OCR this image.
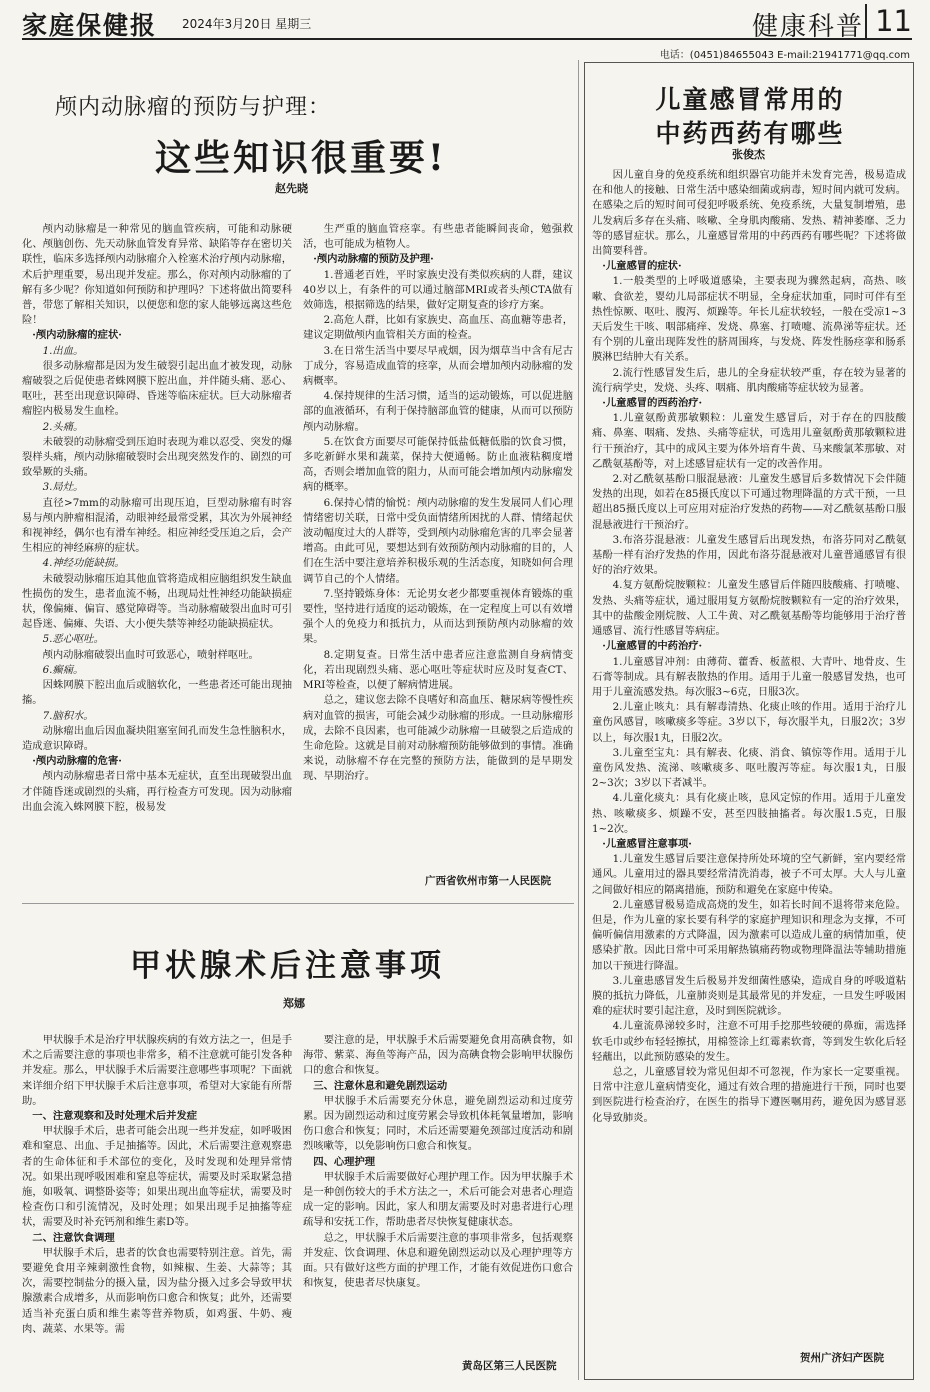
家庭保健报 2024年3月20日 星期三	健康科普 11
电话：(0451)84655043 E-mail:21941771@qq.com
颅内动脉瘤的预防与护理：
这些知识很重要!
赵先晓

颅内动脉瘤是一种常见的脑血管疾病，可能和动脉硬化、颅脑创伤、先天动脉血管发育异常、缺陷等存在密切关联性，临床多选择颅内动脉瘤介入栓塞术治疗颅内动脉瘤，术后护理重要，易出现并发症。那么，你对颅内动脉瘤的了解有多少呢？你知道如何预防和护理吗？下述将做出简要科普，带您了解相关知识，以便您和您的家人能够远离这些危险！

·颅内动脉瘤的症状·

1.出血。

很多动脉瘤都是因为发生破裂引起出血才被发现，动脉瘤破裂之后促使患者蛛网膜下腔出血，并伴随头痛、恶心、呕吐，甚至出现意识障碍、昏迷等临床症状。巨大动脉瘤者瘤腔内极易发生血栓。

2.头痛。

未破裂的动脉瘤受到压迫时表现为难以忍受、突发的爆裂样头痛，颅内动脉瘤破裂时会出现突然发作的、剧烈的可致晕厥的头痛。

3.局灶。

直径>7mm的动脉瘤可出现压迫，巨型动脉瘤有时容易与颅内肿瘤相混淆，动眼神经最常受累，其次为外展神经和视神经，偶尔也有滑车神经。相应神经受压迫之后，会产生相应的神经麻痹的症状。

4.神经功能缺损。

未破裂动脉瘤压迫其他血管将造成相应脑组织发生缺血性损伤的发生，患者血流不畅，出现局灶性神经功能缺损症状，像偏瘫、偏盲、感觉障碍等。当动脉瘤破裂出血时可引起昏迷、偏瘫、失语、大小便失禁等神经功能缺损症状。

5.恶心呕吐。

颅内动脉瘤破裂出血时可致恶心，喷射样呕吐。

6.癫痫。

因蛛网膜下腔出血后或脑软化，一些患者还可能出现抽搐。

7.脑积水。

动脉瘤出血后因血凝块阻塞室间孔而发生急性脑积水，造成意识障碍。

·颅内动脉瘤的危害·

颅内动脉瘤患者日常中基本无症状，直至出现破裂出血才伴随昏迷或剧烈的头痛，再行检查方可发现。因为动脉瘤出血会流入蛛网膜下腔，极易发

生严重的脑血管痉挛。有些患者能瞬间丧命，勉强救活，也可能成为植物人。

·颅内动脉瘤的预防及护理·

1.普通老百姓，平时家族史没有类似疾病的人群，建议40岁以上，有条件的可以通过脑部MRI或者头颅CTA做有效筛选，根据筛选的结果，做好定期复查的诊疗方案。

2.高危人群，比如有家族史、高血压、高血糖等患者，建议定期做颅内血管相关方面的检查。

3.在日常生活当中要尽早戒烟，因为烟草当中含有尼古丁成分，容易造成血管的痉挛，从而会增加颅内动脉瘤的发病概率。

4.保持规律的生活习惯，适当的运动锻炼，可以促进脑部的血液循环，有利于保持脑部血管的健康，从而可以预防颅内动脉瘤。

5.在饮食方面要尽可能保持低盐低糖低脂的饮食习惯，多吃新鲜水果和蔬菜，保持大便通畅。防止血液粘稠度增高，否则会增加血管的阻力，从而可能会增加颅内动脉瘤发病的概率。

6.保持心情的愉悦：颅内动脉瘤的发生发展同人们心理情绪密切关联，日常中受负面情绪所困扰的人群、情绪起伏波动幅度过大的人群等，受到颅内动脉瘤危害的几率会显著增高。由此可见，要想达到有效预防颅内动脉瘤的目的，人们在生活中要注意培养积极乐观的生活态度，知晓如何合理调节自己的个人情绪。

7.坚持锻炼身体：无论男女老少都要重视体育锻炼的重要性，坚持进行适度的运动锻炼，在一定程度上可以有效增强个人的免疫力和抵抗力，从而达到预防颅内动脉瘤的效果。

8.定期复查。日常生活中患者应注意监测自身病情变化，若出现剧烈头痛、恶心呕吐等症状时应及时复查CT、MRI等检查，以便了解病情进展。

总之，建议您去除不良嗜好和高血压、糖尿病等慢性疾病对血管的损害，可能会减少动脉瘤的形成。一旦动脉瘤形成，去除不良因素，也可能减少动脉瘤一旦破裂之后造成的生命危险。这就是目前对动脉瘤预防能够做到的事情。准确来说，动脉瘤不存在完整的预防方法，能做到的是早期发现、早期治疗。

广西省钦州市第一人民医院
甲状腺术后注意事项
郑娜

甲状腺手术是治疗甲状腺疾病的有效方法之一，但是手术之后需要注意的事项也非常多，稍不注意就可能引发各种并发症。那么，甲状腺手术后需要注意哪些事项呢？下面就来详细介绍下甲状腺手术后注意事项，希望对大家能有所帮助。

一、注意观察和及时处理术后并发症

甲状腺手术后，患者可能会出现一些并发症，如呼吸困难和窒息、出血、手足抽搐等。因此，术后需要注意观察患者的生命体征和手术部位的变化，及时发现和处理异常情况。如果出现呼吸困难和窒息等症状，需要及时采取紧急措施，如吸氧、调整卧姿等；如果出现出血等症状，需要及时检查伤口和引流情况，及时处理；如果出现手足抽搐等症状，需要及时补充钙剂和维生素D等。

二、注意饮食调理

甲状腺手术后，患者的饮食也需要特别注意。首先，需要避免食用辛辣刺激性食物，如辣椒、生姜、大蒜等；其次，需要控制盐分的摄入量，因为盐分摄入过多会导致甲状腺激素合成增多，从而影响伤口愈合和恢复；此外，还需要适当补充蛋白质和维生素等营养物质，如鸡蛋、牛奶、瘦肉、蔬菜、水果等。需

要注意的是，甲状腺手术后需要避免食用高碘食物，如海带、紫菜、海鱼等海产品，因为高碘食物会影响甲状腺伤口的愈合和恢复。

三、注意休息和避免剧烈运动

甲状腺手术后需要充分休息，避免剧烈运动和过度劳累。因为剧烈运动和过度劳累会导致机体耗氧量增加，影响伤口愈合和恢复；同时，术后还需要避免颈部过度活动和剧烈咳嗽等，以免影响伤口愈合和恢复。

四、心理护理

甲状腺手术后需要做好心理护理工作。因为甲状腺手术是一种创伤较大的手术方法之一，术后可能会对患者心理造成一定的影响。因此，家人和朋友需要及时对患者进行心理疏导和安抚工作，帮助患者尽快恢复健康状态。

总之，甲状腺手术后需要注意的事项非常多，包括观察并发症、饮食调理、休息和避免剧烈运动以及心理护理等方面。只有做好这些方面的护理工作，才能有效促进伤口愈合和恢复，使患者尽快康复。

黄岛区第三人民医院
儿童感冒常用的
中药西药有哪些
张俊杰

因儿童自身的免疫系统和组织器官功能并未发育完善，极易造成在和他人的接触、日常生活中感染细菌或病毒，短时间内就可发病。在感染之后的短时间可侵犯呼吸系统、免疫系统，大量复制增殖，患儿发病后多存在头痛、咳嗽、全身肌肉酸痛、发热、精神萎靡、乏力等的感冒症状。那么，儿童感冒常用的中药西药有哪些呢？下述将做出简要科普。

·儿童感冒的症状·

1.一般类型的上呼吸道感染，主要表现为骤然起病，高热、咳嗽、食欲差，婴幼儿局部症状不明显，全身症状加重，同时可伴有至热性惊厥、呕吐、腹泻、烦躁等。年长儿症状较轻，一般在受凉1~3天后发生干咳、咽部痛痒、发烧、鼻塞、打喷嚏、流鼻涕等症状。还有个别的儿童出现阵发性的脐周围疼，与发烧、阵发性肠痉挛和肠系膜淋巴结肿大有关系。

2.流行性感冒发生后，患儿的全身症状较严重，存在较为显著的流行病学史，发烧、头疼、咽痛、肌肉酸痛等症状较为显著。

·儿童感冒的西药治疗·

1.儿童氨酚黄那敏颗粒：儿童发生感冒后，对于存在的四肢酸痛、鼻塞、咽痛、发热、头痛等症状，可选用儿童氨酚黄那敏颗粒进行干预治疗，其中的成风主要为体外培育牛黄、马来酸氯苯那敏、对乙酰氨基酚等，对上述感冒症状有一定的改善作用。

2.对乙酰氨基酚口服混悬液：儿童发生感冒后多数情况下会伴随发热的出现，如若在85摄氏度以下可通过物理降温的方式干预，一旦超出85摄氏度以上可应用对症治疗发热的药物——对乙酰氨基酚口服混悬液进行干预治疗。

3.布洛芬混悬液：儿童发生感冒后出现发热，布洛芬同对乙酰氨基酚一样有治疗发热的作用，因此布洛芬混悬液对儿童普通感冒有很好的治疗效果。

4.复方氨酚烷胺颗粒：儿童发生感冒后伴随四肢酸痛、打喷嚏、发热、头痛等症状，通过服用复方氨酚烷胺颗粒有一定的治疗效果，其中的盐酸金刚烷胺、人工牛黄、对乙酰氨基酚等均能够用于治疗普通感冒、流行性感冒等病症。

·儿童感冒的中药治疗·

1.儿童感冒冲剂：由薄荷、藿香、板蓝根、大青叶、地骨皮、生石膏等制成。具有解表散热的作用。适用于儿童一般感冒发热，也可用于儿童流感发热。每次服3~6克，日服3次。

2.儿童止咳丸：具有解毒清热、化痰止咳的作用。适用于治疗儿童伤风感冒，咳嗽痰多等症。3岁以下，每次服半丸，日服2次；3岁以上，每次服1丸，日服2次。

3.儿童至宝丸：具有解表、化痰、消食、镇惊等作用。适用于儿童伤风发热、流涕、咳嗽痰多、呕吐腹泻等症。每次服1丸，日服2~3次；3岁以下者减半。

4.儿童化痰丸：具有化痰止咳，息风定惊的作用。适用于儿童发热、咳嗽痰多、烦躁不安，甚至四肢抽搐者。每次服1.5克，日服1~2次。

·儿童感冒注意事项·

1.儿童发生感冒后要注意保持所处环境的空气新鲜，室内要经常通风。儿童用过的器具要经常清洗消毒，被子不可太厚。大人与儿童之间做好相应的隔离措施，预防和避免在家庭中传染。

2.儿童感冒极易造成高烧的发生，如若长时间不退将带来危险。但是，作为儿童的家长要有科学的家庭护理知识和理念为支撑，不可偏听偏信用激素的方式降温，因为激素可以造成儿童的病情加重，使感染扩散。因此日常中可采用解热镇痛药物或物理降温法等辅助措施加以干预进行降温。

3.儿童患感冒发生后极易并发细菌性感染，造成自身的呼吸道粘膜的抵抗力降低，儿童肺炎则是其最常见的并发症，一旦发生呼吸困难的症状时要引起注意，及时到医院就诊。

4.儿童流鼻涕较多时，注意不可用手挖那些较硬的鼻痂，需选择软毛巾或纱布轻轻擦拭，用棉签涂上红霉素软膏，等到发生软化后轻轻蘸出，以此预防感染的发生。

总之，儿童感冒较为常见但却不可忽视，作为家长一定要重视。日常中注意儿童病情变化，通过有效合理的措施进行干预，同时也要到医院进行检查治疗，在医生的指导下遵医嘱用药，避免因为感冒恶化导致肺炎。

贺州广济妇产医院
